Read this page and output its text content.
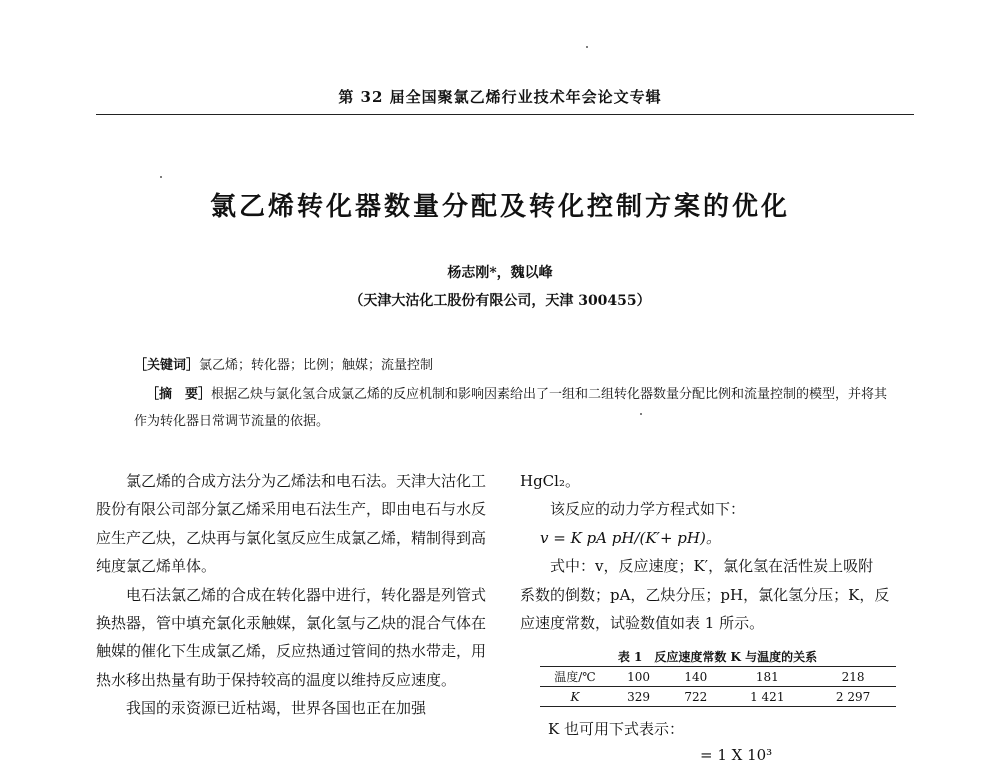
第 32 届全国聚氯乙烯行业技术年会论文专辑
氯乙烯转化器数量分配及转化控制方案的优化
杨志刚*，魏以峰
（天津大沽化工股份有限公司，天津 300455）
［关键词］氯乙烯；转化器；比例；触媒；流量控制
［摘　要］根据乙炔与氯化氢合成氯乙烯的反应机制和影响因素给出了一组和二组转化器数量分配比例和流量控制的模型，并将其作为转化器日常调节流量的依据。

氯乙烯的合成方法分为乙烯法和电石法。天津大沽化工股份有限公司部分氯乙烯采用电石法生产，即由电石与水反应生产乙炔，乙炔再与氯化氢反应生成氯乙烯，精制得到高纯度氯乙烯单体。

电石法氯乙烯的合成在转化器中进行，转化器是列管式换热器，管中填充氯化汞触媒，氯化氢与乙炔的混合气体在触媒的催化下生成氯乙烯，反应热通过管间的热水带走，用热水移出热量有助于保持较高的温度以维持反应速度。

我国的汞资源已近枯竭，世界各国也正在加强

HgCl₂。
该反应的动力学方程式如下：
v = K pA pH/(K′+ pH)。
式中：v，反应速度；K′，氯化氢在活性炭上吸附
系数的倒数；pA，乙炔分压；pH，氯化氢分压；K，反
应速度常数，试验数值如表 1 所示。
表 1　反应速度常数 K 与温度的关系
温度/℃	100	140	181	218
K	329	722	1 421	2 297
K 也可用下式表示：
= 1 X 10³
